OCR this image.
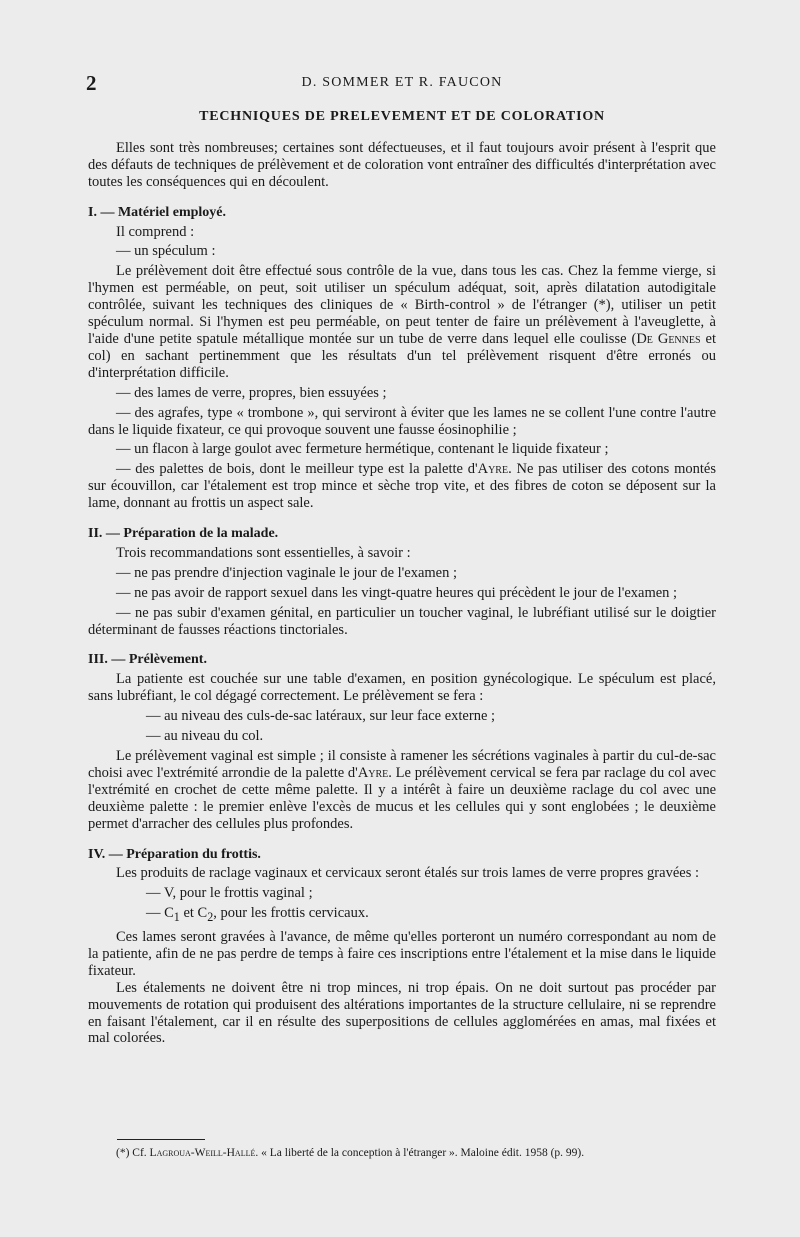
2	D. SOMMER ET R. FAUCON
TECHNIQUES DE PRELEVEMENT ET DE COLORATION

Elles sont très nombreuses; certaines sont défectueuses, et il faut toujours avoir présent à l'esprit que des défauts de techniques de prélèvement et de coloration vont entraîner des difficultés d'interprétation avec toutes les conséquences qui en découlent.

I. — Matériel employé.

Il comprend :

— un spéculum :

Le prélèvement doit être effectué sous contrôle de la vue, dans tous les cas. Chez la femme vierge, si l'hymen est perméable, on peut, soit utiliser un spéculum adéquat, soit, après dilatation autodigitale contrôlée, suivant les techniques des cliniques de « Birth-control » de l'étranger (*), utiliser un petit spéculum normal. Si l'hymen est peu perméable, on peut tenter de faire un prélèvement à l'aveuglette, à l'aide d'une petite spatule métallique montée sur un tube de verre dans lequel elle coulisse (De Gennes et col) en sachant pertinemment que les résultats d'un tel prélèvement risquent d'être erronés ou d'interprétation difficile.

— des lames de verre, propres, bien essuyées ;

— des agrafes, type « trombone », qui serviront à éviter que les lames ne se collent l'une contre l'autre dans le liquide fixateur, ce qui provoque souvent une fausse éosinophilie ;

— un flacon à large goulot avec fermeture hermétique, contenant le liquide fixateur ;

— des palettes de bois, dont le meilleur type est la palette d'Ayre. Ne pas utiliser des cotons montés sur écouvillon, car l'étalement est trop mince et sèche trop vite, et des fibres de coton se déposent sur la lame, donnant au frottis un aspect sale.

II. — Préparation de la malade.

Trois recommandations sont essentielles, à savoir :

— ne pas prendre d'injection vaginale le jour de l'examen ;

— ne pas avoir de rapport sexuel dans les vingt-quatre heures qui précèdent le jour de l'examen ;

— ne pas subir d'examen génital, en particulier un toucher vaginal, le lubréfiant utilisé sur le doigtier déterminant de fausses réactions tinctoriales.

III. — Prélèvement.

La patiente est couchée sur une table d'examen, en position gynécologique. Le spéculum est placé, sans lubréfiant, le col dégagé correctement. Le prélèvement se fera :

— au niveau des culs-de-sac latéraux, sur leur face externe ;

— au niveau du col.

Le prélèvement vaginal est simple ; il consiste à ramener les sécrétions vaginales à partir du cul-de-sac choisi avec l'extrémité arrondie de la palette d'Ayre. Le prélèvement cervical se fera par raclage du col avec l'extrémité en crochet de cette même palette. Il y a intérêt à faire un deuxième raclage du col avec une deuxième palette : le premier enlève l'excès de mucus et les cellules qui y sont englobées ; le deuxième permet d'arracher des cellules plus profondes.

IV. — Préparation du frottis.

Les produits de raclage vaginaux et cervicaux seront étalés sur trois lames de verre propres gravées :

— V, pour le frottis vaginal ;

— $C_1$ et $C_2$, pour les frottis cervicaux.

Ces lames seront gravées à l'avance, de même qu'elles porteront un numéro correspondant au nom de la patiente, afin de ne pas perdre de temps à faire ces inscriptions entre l'étalement et la mise dans le liquide fixateur.

Les étalements ne doivent être ni trop minces, ni trop épais. On ne doit surtout pas procéder par mouvements de rotation qui produisent des altérations importantes de la structure cellulaire, ni se reprendre en faisant l'étalement, car il en résulte des superpositions de cellules agglomérées en amas, mal fixées et mal colorées.

(*) Cf. Lagroua-Weill-Hallé. « La liberté de la conception à l'étranger ». Maloine édit. 1958 (p. 99).
